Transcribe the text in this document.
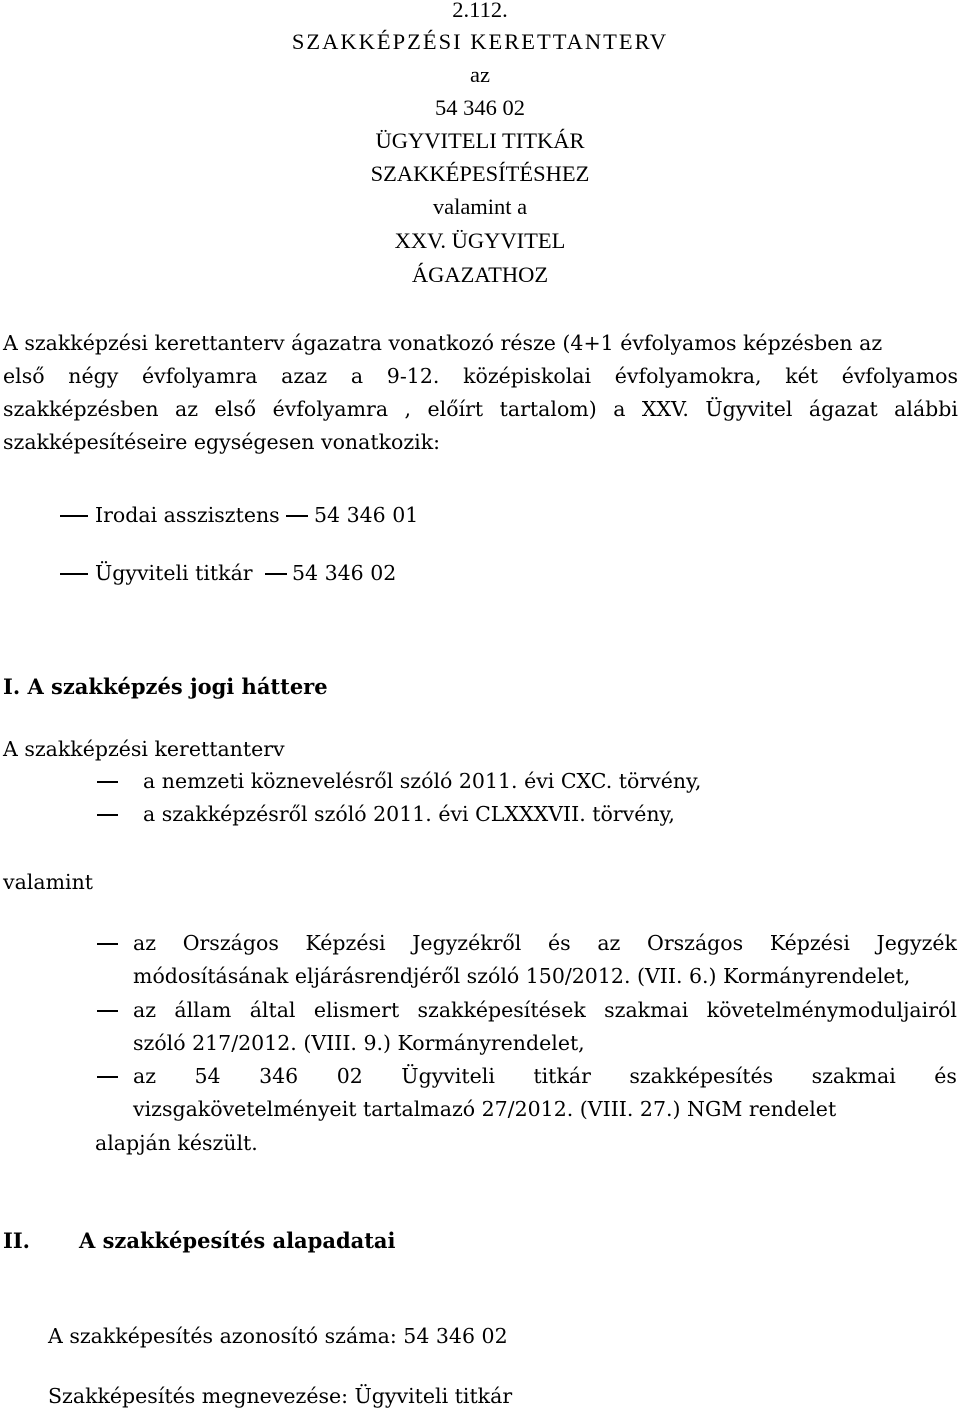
2.112.
SZAKKÉPZÉSI KERETTANTERV
az
54 346 02
ÜGYVITELI TITKÁR
SZAKKÉPESÍTÉSHEZ
valamint a
XXV. ÜGYVITEL
ÁGAZATHOZ
A szakképzési kerettanterv ágazatra vonatkozó része (4+1 évfolyamos képzésben az
első négy évfolyamra azaz a 9-12. középiskolai évfolyamokra, két évfolyamos
szakképzésben az első évfolyamra , előírt tartalom) a XXV. Ügyvitel ágazat alábbi
szakképesítéseire egységesen vonatkozik:
Irodai asszisztens 54 346 01
Ügyviteli titkár 54 346 02
I. A szakképzés jogi háttere
A szakképzési kerettanterv
a nemzeti köznevelésről szóló 2011. évi CXC. törvény,
a szakképzésről szóló 2011. évi CLXXXVII. törvény,
valamint
az Országos Képzési Jegyzékről és az Országos Képzési Jegyzék
módosításának eljárásrendjéről szóló 150/2012. (VII. 6.) Kormányrendelet,
az állam által elismert szakképesítések szakmai követelménymoduljairól
szóló 217/2012. (VIII. 9.) Kormányrendelet,
az 54 346 02 Ügyviteli titkár szakképesítés szakmai és
vizsgakövetelményeit tartalmazó 27/2012. (VIII. 27.) NGM rendelet
alapján készült.
II. A szakképesítés alapadatai
A szakképesítés azonosító száma: 54 346 02
Szakképesítés megnevezése: Ügyviteli titkár
